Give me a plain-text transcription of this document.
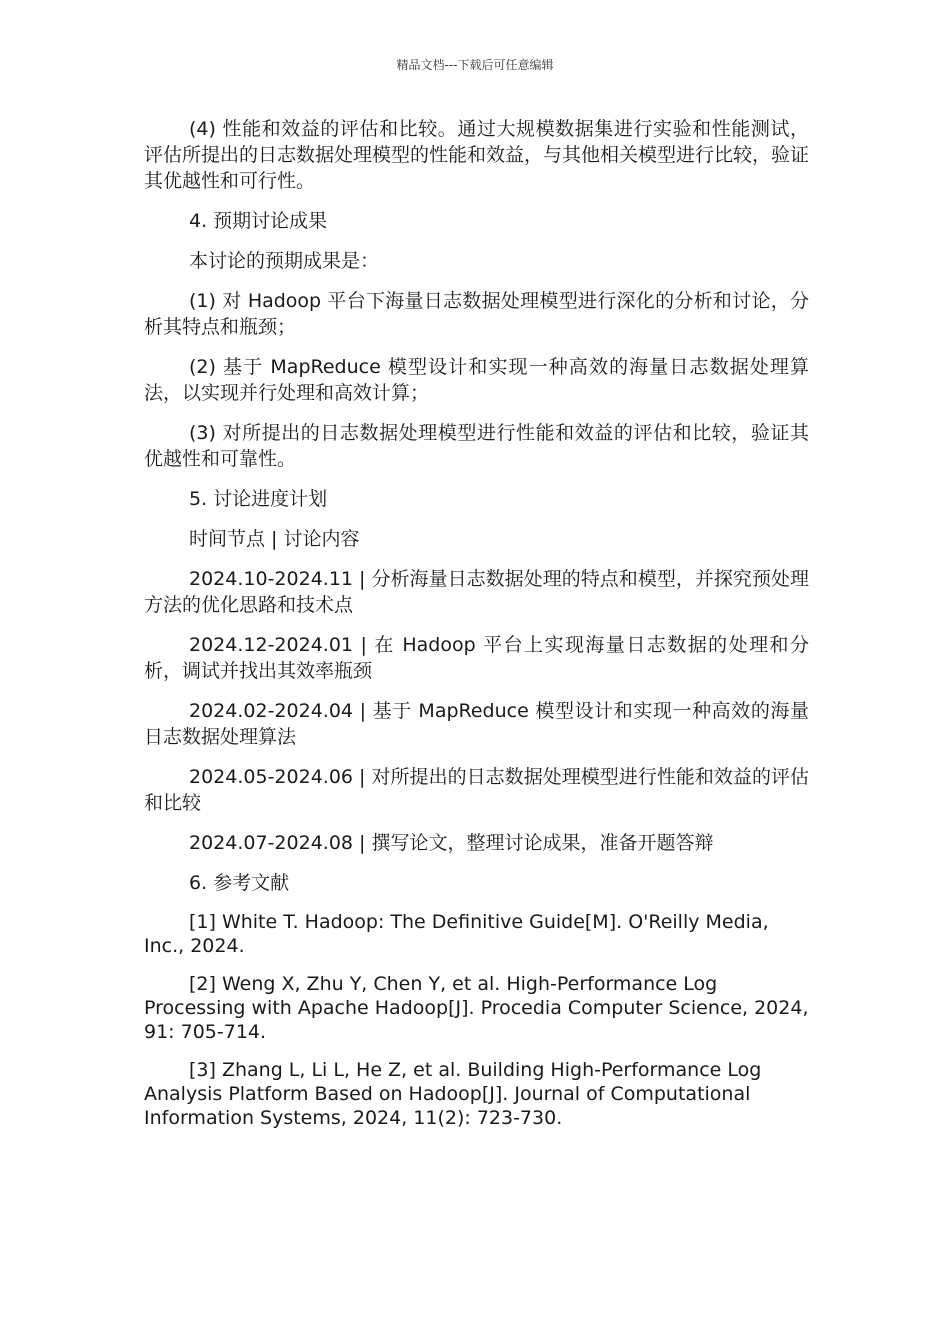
精品文档---下载后可任意编辑

(4) 性能和效益的评估和比较。通过大规模数据集进行实验和性能测试，评估所提出的日志数据处理模型的性能和效益，与其他相关模型进行比较，验证其优越性和可行性。

4. 预期讨论成果

本讨论的预期成果是：

(1) 对 Hadoop 平台下海量日志数据处理模型进行深化的分析和讨论，分析其特点和瓶颈；

(2) 基于 MapReduce 模型设计和实现一种高效的海量日志数据处理算法，以实现并行处理和高效计算；

(3) 对所提出的日志数据处理模型进行性能和效益的评估和比较，验证其优越性和可靠性。

5. 讨论进度计划

时间节点 | 讨论内容

2024.10-2024.11 | 分析海量日志数据处理的特点和模型，并探究预处理方法的优化思路和技术点

2024.12-2024.01 | 在 Hadoop 平台上实现海量日志数据的处理和分析，调试并找出其效率瓶颈

2024.02-2024.04 | 基于 MapReduce 模型设计和实现一种高效的海量日志数据处理算法

2024.05-2024.06 | 对所提出的日志数据处理模型进行性能和效益的评估和比较

2024.07-2024.08 | 撰写论文，整理讨论成果，准备开题答辩

6. 参考文献

[1] White T. Hadoop: The Definitive Guide[M]. O'Reilly Media, Inc., 2024.

[2] Weng X, Zhu Y, Chen Y, et al. High-Performance Log Processing with Apache Hadoop[J]. Procedia Computer Science, 2024, 91: 705-714.

[3] Zhang L, Li L, He Z, et al. Building High-Performance Log Analysis Platform Based on Hadoop[J]. Journal of Computational Information Systems, 2024, 11(2): 723-730.
